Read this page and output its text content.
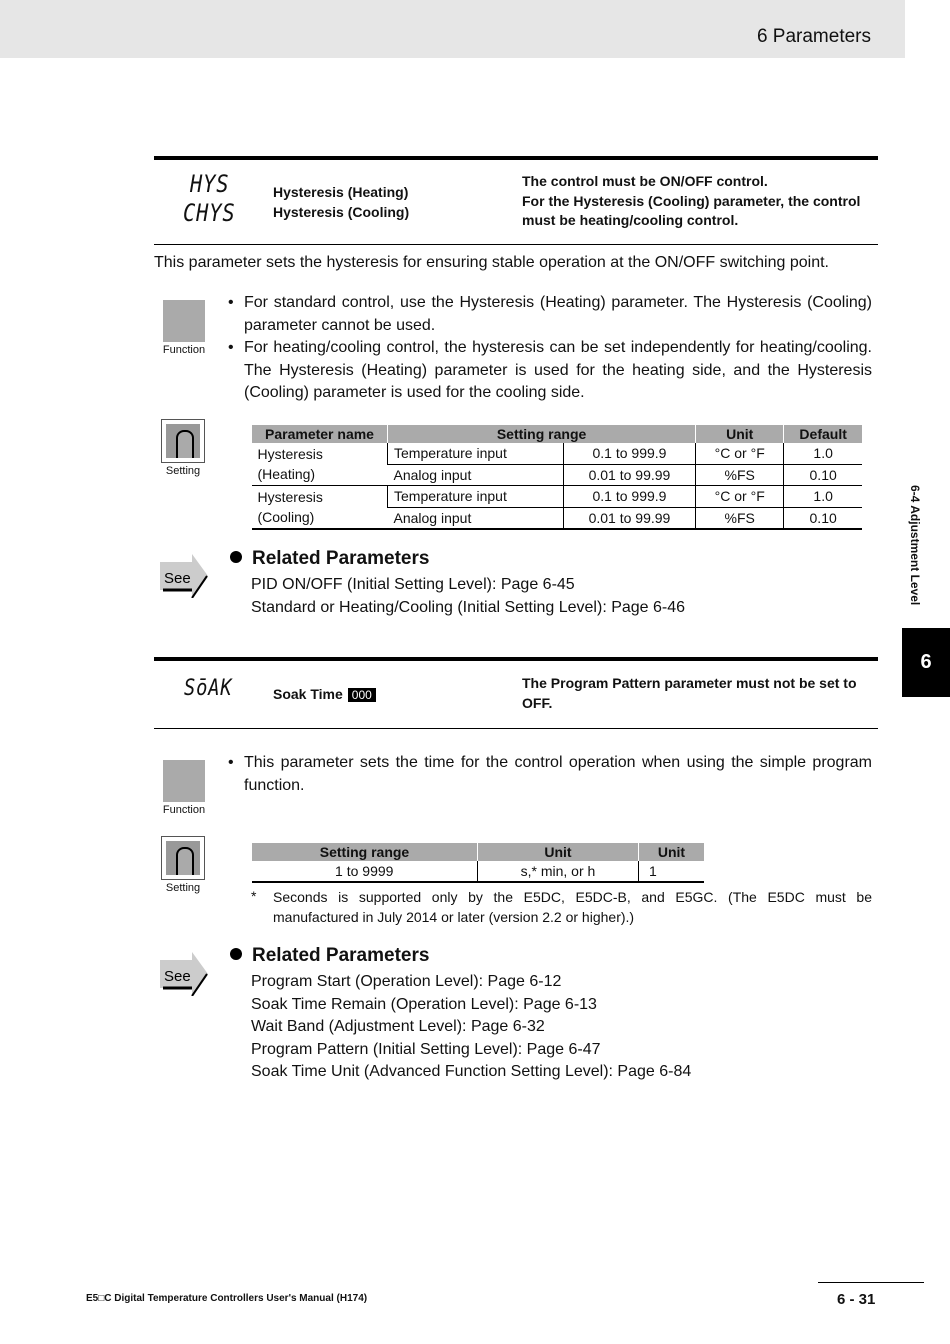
6 Parameters
6
6-4 Adjustment Level
HYS
CHYS
Hysteresis (Heating)
Hysteresis (Cooling)
The control must be ON/OFF control.
For the Hysteresis (Cooling) parameter, the control must be heating/cooling control.
This parameter sets the hysteresis for ensuring stable operation at the ON/OFF switching point.
Function
• For standard control, use the Hysteresis (Heating) parameter. The Hysteresis (Cooling) parameter cannot be used.
• For heating/cooling control, the hysteresis can be set independently for heating/cooling. The Hysteresis (Heating) parameter is used for the heating side, and the Hysteresis (Cooling) parameter is used for the cooling side.
Setting
Parameter name	Setting range		Unit	Default
Hysteresis (Heating)	Temperature input	0.1 to 999.9	°C or °F	1.0
	Analog input	0.01 to 99.99	%FS	0.10
Hysteresis (Cooling)	Temperature input	0.1 to 999.9	°C or °F	1.0
	Analog input	0.01 to 99.99	%FS	0.10
See
Related Parameters
PID ON/OFF (Initial Setting Level): Page 6-45
Standard or Heating/Cooling (Initial Setting Level): Page 6-46
SōAK	Soak Time 000
The Program Pattern parameter must not be set to OFF.
Function
• This parameter sets the time for the control operation when using the simple program function.
Setting
Setting range	Unit	Unit
1 to 9999	s,* min, or h	1
* Seconds is supported only by the E5DC, E5DC-B, and E5GC. (The E5DC must be manufactured in July 2014 or later (version 2.2 or higher).)
See
Related Parameters
Program Start (Operation Level): Page 6-12
Soak Time Remain (Operation Level): Page 6-13
Wait Band (Adjustment Level): Page 6-32
Program Pattern (Initial Setting Level): Page 6-47
Soak Time Unit (Advanced Function Setting Level): Page 6-84
E5□C Digital Temperature Controllers User's Manual (H174)	6 - 31
